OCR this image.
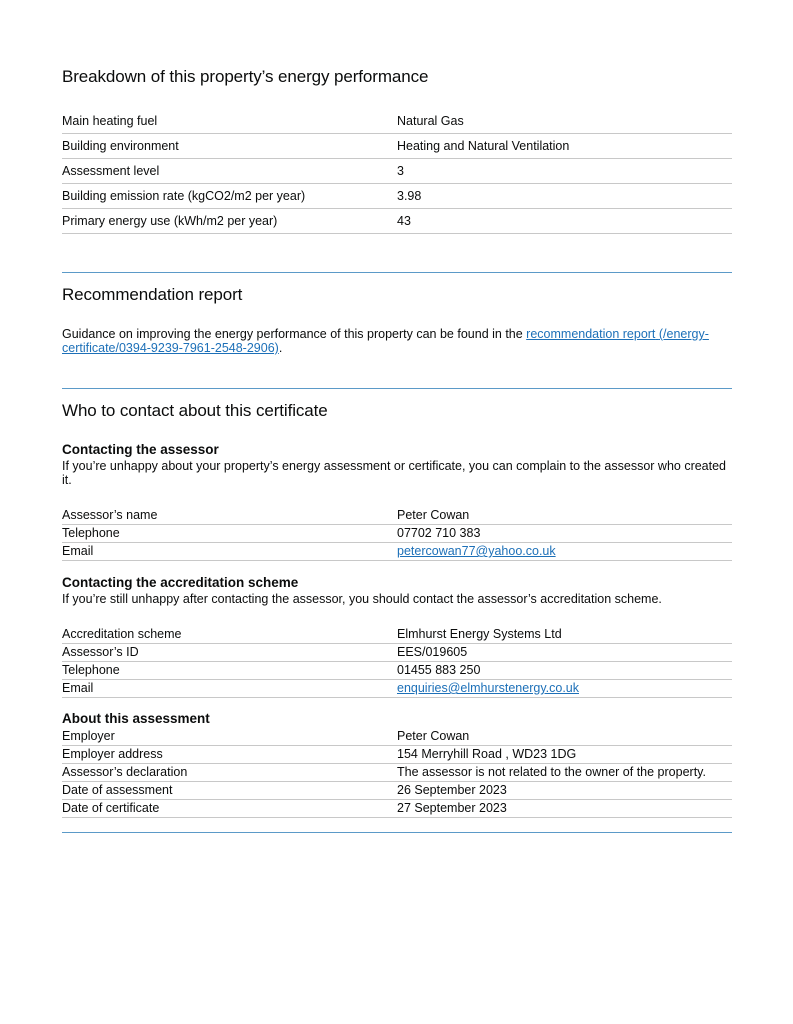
Breakdown of this property’s energy performance
Main heating fuel	Natural Gas
Building environment	Heating and Natural Ventilation
Assessment level	3
Building emission rate (kgCO2/m2 per year)	3.98
Primary energy use (kWh/m2 per year)	43
Recommendation report
Guidance on improving the energy performance of this property can be found in the recommendation report (/energy-certificate/0394-9239-7961-2548-2906).
Who to contact about this certificate
Contacting the assessor
If you’re unhappy about your property’s energy assessment or certificate, you can complain to the assessor who created it.
Assessor’s name	Peter Cowan
Telephone	07702 710 383
Email	petercowan77@yahoo.co.uk
Contacting the accreditation scheme
If you’re still unhappy after contacting the assessor, you should contact the assessor’s accreditation scheme.
Accreditation scheme	Elmhurst Energy Systems Ltd
Assessor’s ID	EES/019605
Telephone	01455 883 250
Email	enquiries@elmhurstenergy.co.uk
About this assessment
Employer	Peter Cowan
Employer address	154 Merryhill Road , WD23 1DG
Assessor’s declaration	The assessor is not related to the owner of the property.
Date of assessment	26 September 2023
Date of certificate	27 September 2023
